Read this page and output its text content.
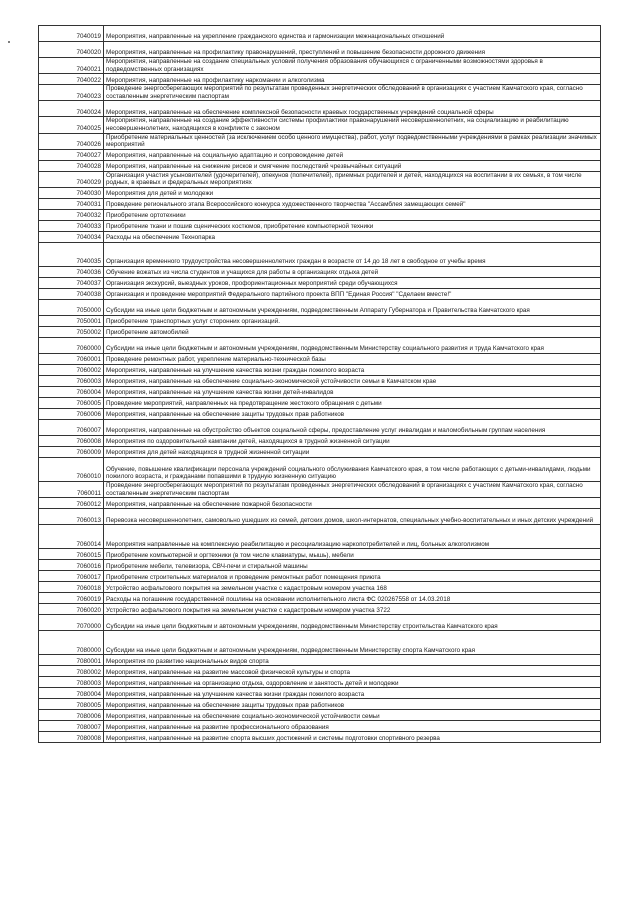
7040019	Мероприятия, направленные на укрепление гражданского единства и гармонизации межнациональных отношений
7040020	Мероприятия, направленные на профилактику правонарушений, преступлений и повышение безопасности дорожного движения
7040021	Мероприятия, направленные на создание специальных условий получения образования обучающихся с ограниченными возможностями здоровья в подведомственных организациях
7040022	Мероприятия, направленные на профилактику наркомании и алкоголизма
7040023	Проведение энергосберегающих мероприятий по результатам проведенных энергетических обследований в организациях с участием Камчатского края, согласно составленным энергетическим паспортам
7040024	Мероприятия, направленные на обеспечение комплексной безопасности краевых государственных учреждений социальной сферы
7040025	Мероприятия, направленные на создание эффективности системы профилактики правонарушений несовершеннолетних, на социализацию и реабилитацию несовершеннолетних, находящихся в конфликте с законом
7040026	Приобретение материальных ценностей (за исключением особо ценного имущества), работ, услуг подведомственными учреждениями в рамках реализации значимых мероприятий
7040027	Мероприятия, направленные на социальную адаптацию и сопровождение детей
7040028	Мероприятия, направленные на снижение рисков и смягчение последствий чрезвычайных ситуаций
7040029	Организация участия усыновителей (удочерителей), опекунов (попечителей), приемных родителей и детей, находящихся на воспитании в их семьях, в том числе родных, в краевых и федеральных мероприятиях
7040030	Мероприятия для детей и молодежи
7040031	Проведение регионального этапа Всероссийского конкурса художественного творчества "Ассамблея замещающих семей"
7040032	Приобретение ортотехники
7040033	Приобретение ткани и пошив сценических костюмов, приобретение компьютерной техники
7040034	Расходы на обеспечение Технопарка
7040035	Организация временного трудоустройства несовершеннолетних граждан в возрасте от 14 до 18 лет в свободное от учебы время
7040036	Обучение вожатых из числа студентов и учащихся для работы в организациях отдыха детей
7040037	Организация экскурсий, выездных уроков, профориентационных мероприятий среди обучающихся
7040038	Организация и проведение мероприятий Федерального партийного проекта ВПП "Единая Россия" "Сделаем вместе!"
7050000	Субсидии на иные цели бюджетным и автономным учреждениям, подведомственным Аппарату Губернатора и Правительства Камчатского края
7050001	Приобретение транспортных услуг сторонних организаций.
7050002	Приобретение автомобилей
7060000	Субсидии на иные цели бюджетным и автономным учреждениям, подведомственным Министерству социального развития и труда Камчатского края
7060001	Проведение ремонтных работ, укрепление материально-технической базы
7060002	Мероприятия, направленные на улучшение качества жизни граждан пожилого возраста
7060003	Мероприятия, направленные на обеспечение социально-экономической устойчивости семьи в Камчатском крае
7060004	Мероприятия, направленные на улучшение качества жизни детей-инвалидов
7060005	Проведение мероприятий, направленных на предотвращение жестокого обращения с детьми
7060006	Мероприятия, направленные на обеспечение защиты трудовых прав работников
7060007	Мероприятия, направленные на обустройство объектов социальной сферы, предоставление услуг инвалидам и маломобильным группам населения
7060008	Мероприятия по оздоровительной кампании детей, находящихся в трудной жизненной ситуации
7060009	Мероприятия для детей находящихся в трудной жизненной ситуации
7060010	Обучение, повышение квалификации персонала учреждений социального обслуживания Камчатского края, в том числе работающих с детьми-инвалидами, людьми пожилого возраста, и гражданами попавшими в трудную жизненную ситуацию
7060011	Проведение энергосберегающих мероприятий по результатам проведенных энергетических обследований в организациях с участием Камчатского края, согласно составленным энергетическим паспортам
7060012	Мероприятия, направленные на обеспечение пожарной безопасности
7060013	Перевозка несовершеннолетних, самовольно ушедших из семей, детских домов, школ-интернатов, специальных учебно-воспитательных и иных детских учреждений
7060014	Мероприятия направленные на комплексную реабилитацию и ресоциализацию наркопотребителей и лиц, больных алкоголизмом
7060015	Приобретение компьютерной и оргтехники (в том числе клавиатуры, мышь), мебели
7060016	Приобретение мебели, телевизора, СВЧ-печи и стиральной машины
7060017	Приобретение строительных материалов и проведение ремонтных работ помещения приюта
7060018	Устройство асфальтового покрытия на земельном участке с кадастровым номером участка 168
7060019	Расходы на погашение государственной пошлины на основании исполнительного листа ФС 020267558 от 14.03.2018
7060020	Устройство асфальтового покрытия на земельном участке с кадастровым номером участка 3722
7070000	Субсидии на иные цели бюджетным и автономным учреждениям, подведомственным Министерству строительства Камчатского края
7080000	Субсидии на иные цели бюджетным и автономным учреждениям, подведомственным Министерству спорта Камчатского края
7080001	Мероприятия по развитию национальных видов спорта
7080002	Мероприятия, направленные на развитие массовой физической культуры и спорта
7080003	Мероприятия, направленные на организацию отдыха, оздоровление и занятость детей и молодежи
7080004	Мероприятия, направленные на улучшение качества жизни граждан пожилого возраста
7080005	Мероприятия, направленные на обеспечение защиты трудовых прав работников
7080006	Мероприятия, направленные на обеспечение социально-экономической устойчивости семьи
7080007	Мероприятия, направленные на развитие профессионального образования
7080008	Мероприятия, направленные на развитие спорта высших достижений и системы подготовки спортивного резерва
